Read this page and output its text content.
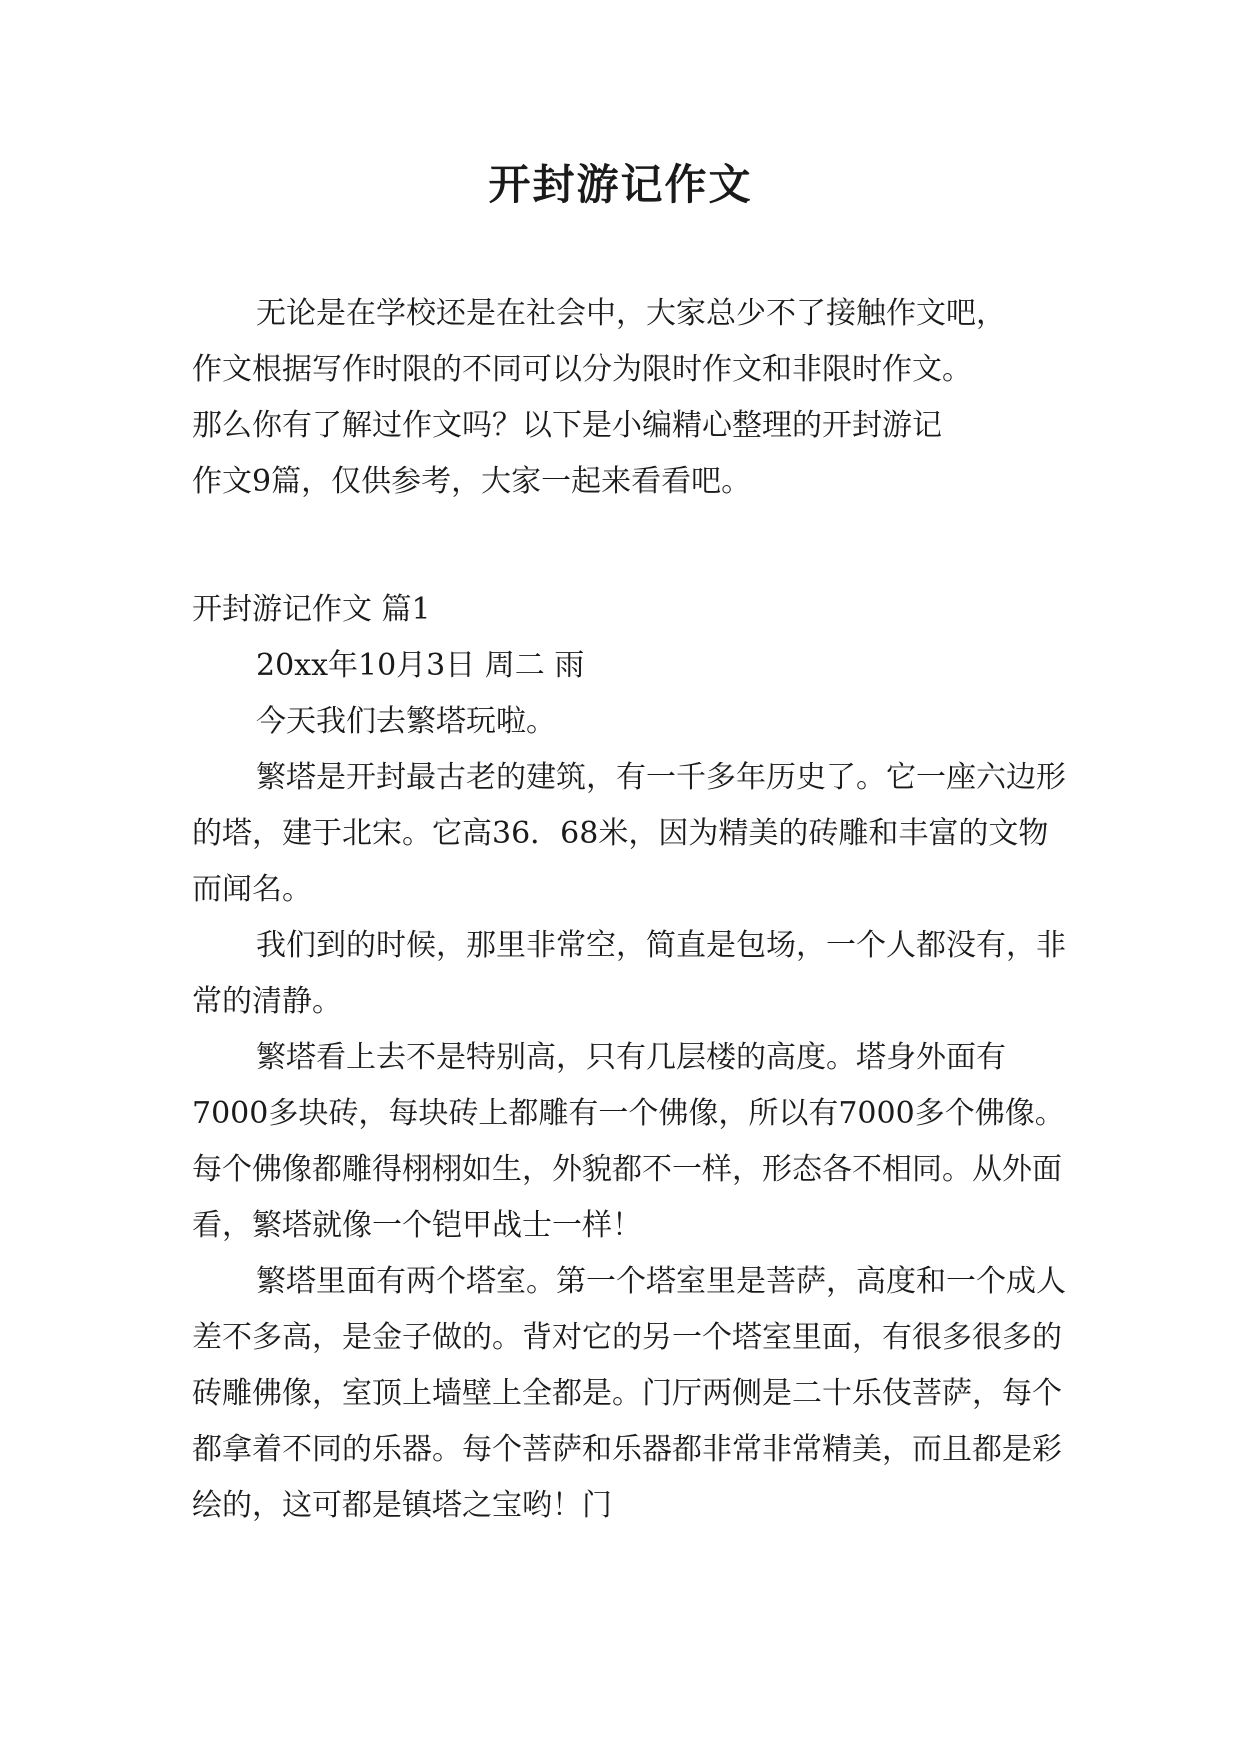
开封游记作文

无论是在学校还是在社会中，大家总少不了接触作文吧，

作文根据写作时限的不同可以分为限时作文和非限时作文。

那么你有了解过作文吗？以下是小编精心整理的开封游记

作文9篇，仅供参考，大家一起来看看吧。

开封游记作文 篇1

20xx年10月3日 周二 雨

今天我们去繁塔玩啦。

繁塔是开封最古老的建筑，有一千多年历史了。它一座六边形的塔，建于北宋。它高36．68米，因为精美的砖雕和丰富的文物而闻名。

我们到的时候，那里非常空，简直是包场，一个人都没有，非常的清静。

繁塔看上去不是特别高，只有几层楼的高度。塔身外面有7000多块砖，每块砖上都雕有一个佛像，所以有7000多个佛像。每个佛像都雕得栩栩如生，外貌都不一样，形态各不相同。从外面看，繁塔就像一个铠甲战士一样！

繁塔里面有两个塔室。第一个塔室里是菩萨，高度和一个成人差不多高，是金子做的。背对它的另一个塔室里面，有很多很多的砖雕佛像，室顶上墙壁上全都是。门厅两侧是二十乐伎菩萨，每个都拿着不同的乐器。每个菩萨和乐器都非常非常精美，而且都是彩绘的，这可都是镇塔之宝哟！门
